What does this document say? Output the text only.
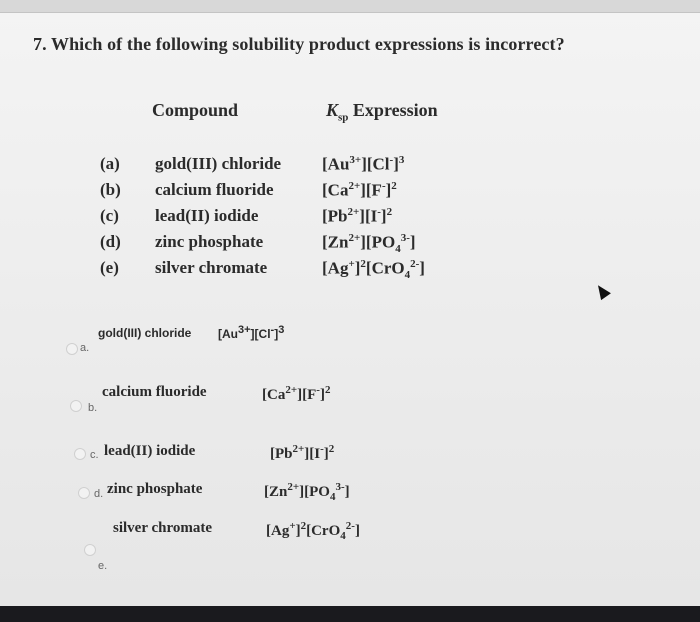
7. Which of the following solubility product expressions is incorrect?
Compound	$K_{sp}$ Expression
(a) gold(III) chloride $[Au^{3+}][Cl^-]^3$
(b) calcium fluoride	$[Ca^{2+}][F^-]^2$
(c) lead(II) iodide	$[Pb^{2+}][I^-]^2$
(d) zinc phosphate	$[Zn^{2+}][PO_4^{3-}]$
(e) silver chromate	$[Ag^+]^2[CrO_4^{2-}]$
a.
gold(III) chloride $[Au^{3+}][Cl^-]^3$
b.
calcium fluoride	$[Ca^{2+}][F^-]^2$
c. lead(II) iodide	$[Pb^{2+}][I^-]^2$
d. zinc phosphate	$[Zn^{2+}][PO_4^{3-}]$
e.
silver chromate	$[Ag^+]^2[CrO_4^{2-}]$
